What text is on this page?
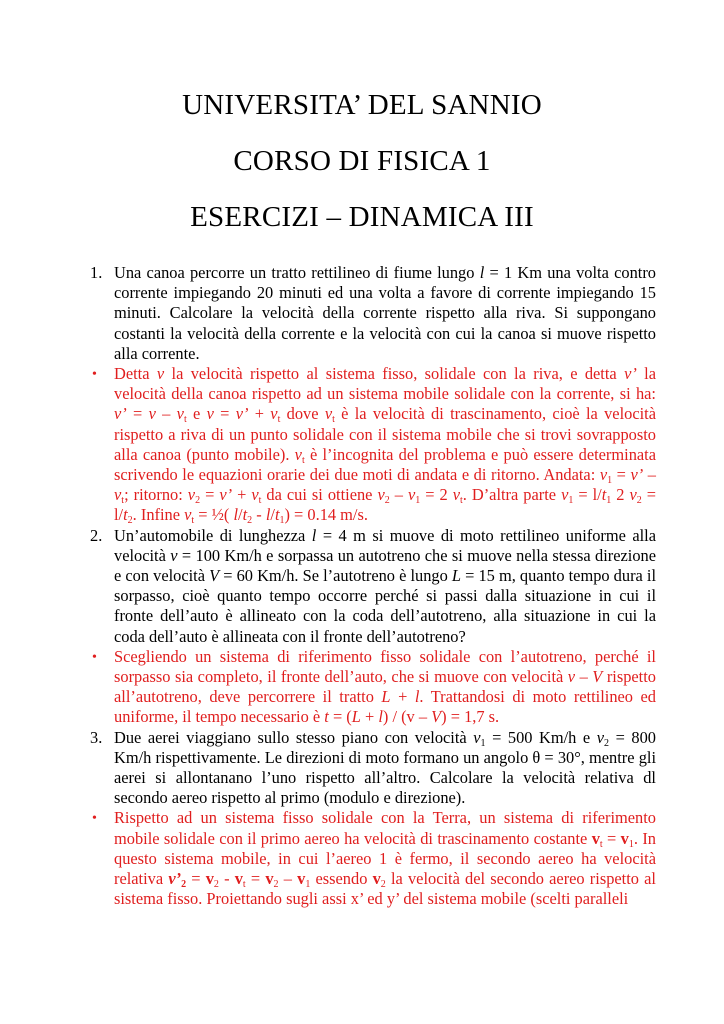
UNIVERSITA’ DEL SANNIO
CORSO DI FISICA 1
ESERCIZI – DINAMICA III
1. Una canoa percorre un tratto rettilineo di fiume lungo l = 1 Km una volta contro corrente impiegando 20 minuti ed una volta a favore di corrente impiegando 15 minuti. Calcolare la velocità della corrente rispetto alla riva. Si suppongano costanti la velocità della corrente e la velocità con cui la canoa si muove rispetto alla corrente.
•	Detta v la velocità rispetto al sistema fisso, solidale con la riva, e detta v’ la velocità della canoa rispetto ad un sistema mobile solidale con la corrente, si ha: v’ = v – $v_t$ e v = v’ + $v_t$ dove $v_t$ è la velocità di trascinamento, cioè la velocità rispetto a riva di un punto solidale con il sistema mobile che si trovi sovrapposto alla canoa (punto mobile). $v_t$ è l’incognita del problema e può essere determinata scrivendo le equazioni orarie dei due moti di andata e di ritorno. Andata: $v_1 = v$’ – $v_t$; ritorno: $v_2 = v$’ + $v_t$ da cui si ottiene $v_2 - v_1 = 2$ $v_t$. D’altra parte $v_1 = l/t_1$ 2 $v_2 = l/t_2$. Infine $v_t$ = ½( $l/t_2 - l/t_1) = 0.14$ m/s.
2. Un’automobile di lunghezza l = 4 m si muove di moto rettilineo uniforme alla velocità v = 100 Km/h e sorpassa un autotreno che si muove nella stessa direzione e con velocità V = 60 Km/h. Se l’autotreno è lungo L = 15 m, quanto tempo dura il sorpasso, cioè quanto tempo occorre perché si passi dalla situazione in cui il fronte dell’auto è allineato con la coda dell’autotreno, alla situazione in cui la coda dell’auto è allineata con il fronte dell’autotreno?
•	Scegliendo un sistema di riferimento fisso solidale con l’autotreno, perché il sorpasso sia completo, il fronte dell’auto, che si muove con velocità v – V rispetto all’autotreno, deve percorrere il tratto L + l. Trattandosi di moto rettilineo ed uniforme, il tempo necessario è t = (L + l) / (v – V) = 1,7 s.
3. Due aerei viaggiano sullo stesso piano con velocità $v_1 = 500$ Km/h e $v_2 = 800$ Km/h rispettivamente. Le direzioni di moto formano un angolo θ = 30°, mentre gli aerei si allontanano l’uno rispetto all’altro. Calcolare la velocità relativa dl secondo aereo rispetto al primo (modulo e direzione).
•	Rispetto ad un sistema fisso solidale con la Terra, un sistema di riferimento mobile solidale con il primo aereo ha velocità di trascinamento costante $v_t = v_1$. In questo sistema mobile, in cui l’aereo 1 è fermo, il secondo aereo ha velocità relativa $v’_2 = v_2 - v_t = v_2 - v_1$ essendo $v_2$ la velocità del secondo aereo rispetto al sistema fisso. Proiettando sugli assi x’ ed y’ del sistema mobile (scelti paralleli
